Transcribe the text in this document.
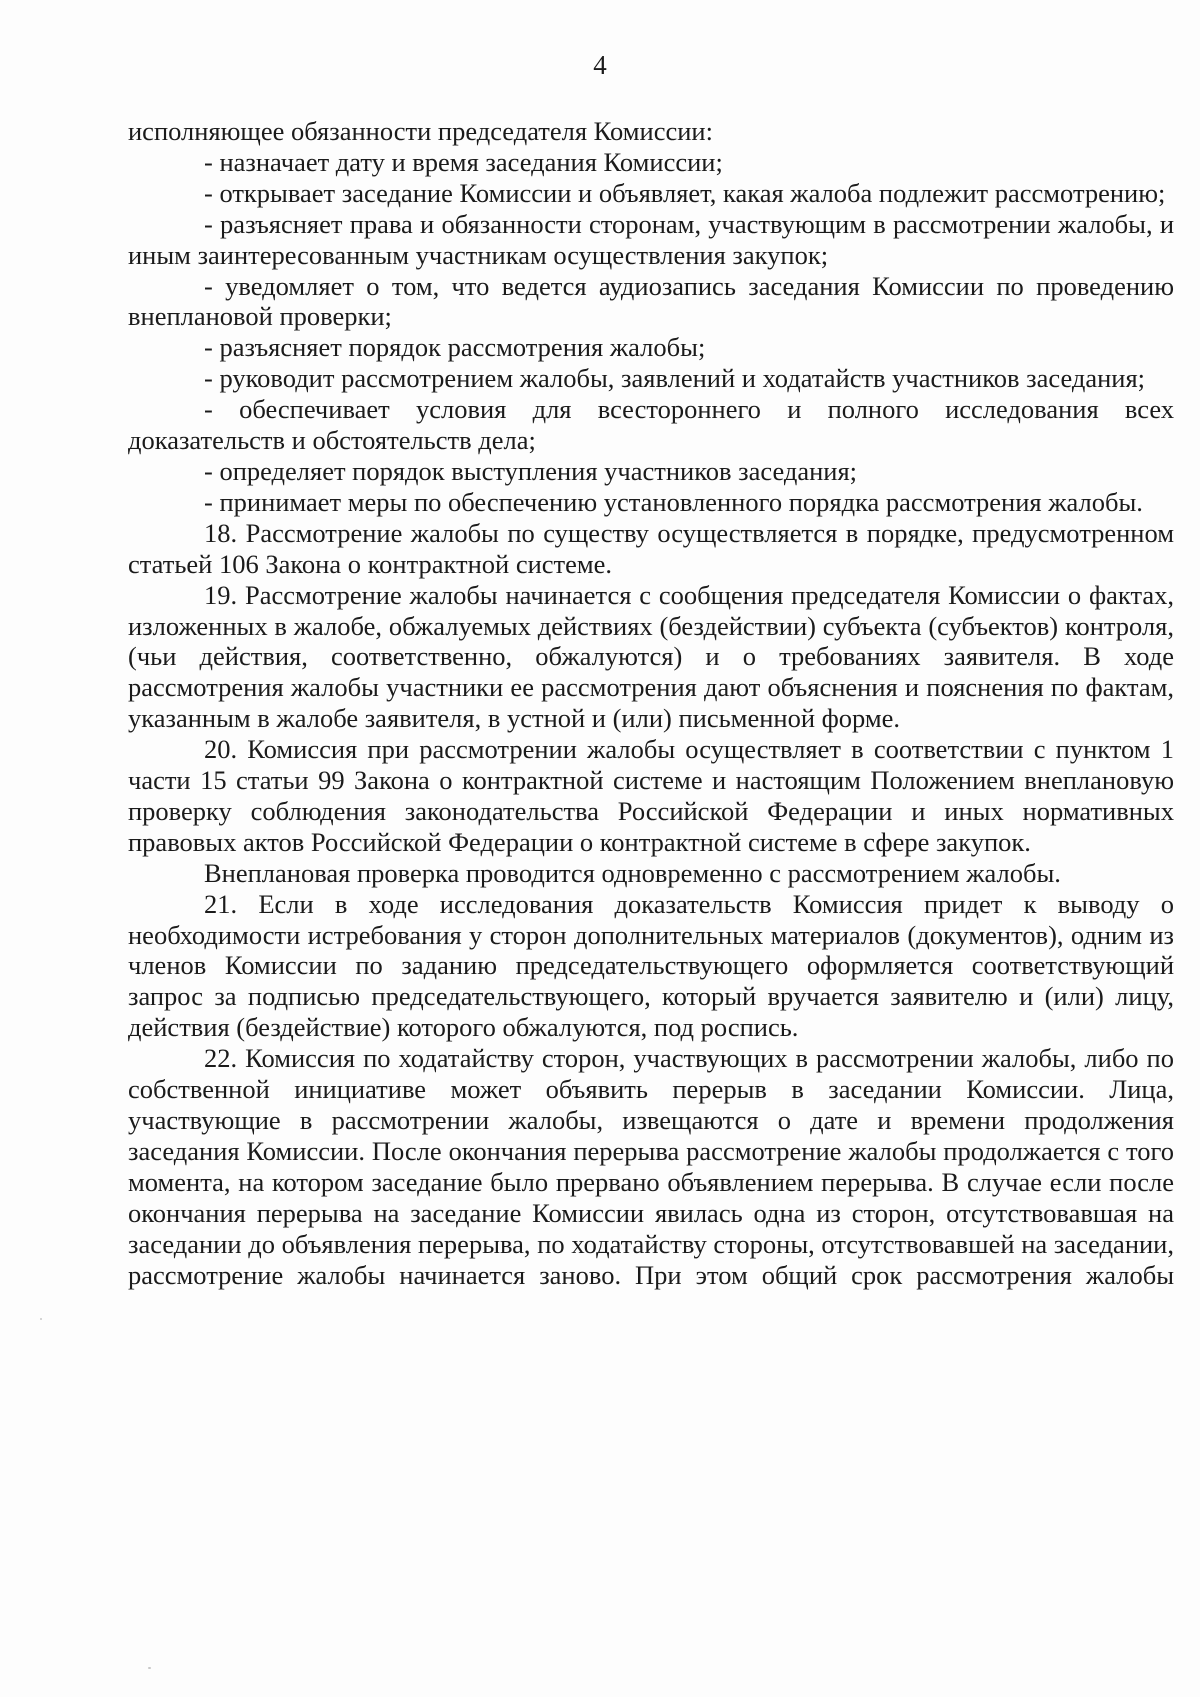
4

исполняющее обязанности председателя Комиссии:

- назначает дату и время заседания Комиссии;

- открывает заседание Комиссии и объявляет, какая жалоба подлежит рассмотрению;

- разъясняет права и обязанности сторонам, участвующим в рассмотрении жалобы, и иным заинтересованным участникам осуществления закупок;

- уведомляет о том, что ведется аудиозапись заседания Комиссии по проведению внеплановой проверки;

- разъясняет порядок рассмотрения жалобы;

- руководит рассмотрением жалобы, заявлений и ходатайств участников заседания;

- обеспечивает условия для всестороннего и полного исследования всех доказательств и обстоятельств дела;

- определяет порядок выступления участников заседания;

- принимает меры по обеспечению установленного порядка рассмотрения жалобы.

18. Рассмотрение жалобы по существу осуществляется в порядке, предусмотренном статьей 106 Закона о контрактной системе.

19. Рассмотрение жалобы начинается с сообщения председателя Комиссии о фактах, изложенных в жалобе, обжалуемых действиях (бездействии) субъекта (субъектов) контроля, (чьи действия, соответственно, обжалуются) и о требованиях заявителя. В ходе рассмотрения жалобы участники ее рассмотрения дают объяснения и пояснения по фактам, указанным в жалобе заявителя, в устной и (или) письменной форме.

20. Комиссия при рассмотрении жалобы осуществляет в соответствии с пунктом 1 части 15 статьи 99 Закона о контрактной системе и настоящим Положением внеплановую проверку соблюдения законодательства Российской Федерации и иных нормативных правовых актов Российской Федерации о контрактной системе в сфере закупок.

Внеплановая проверка проводится одновременно с рассмотрением жалобы.

21. Если в ходе исследования доказательств Комиссия придет к выводу о необходимости истребования у сторон дополнительных материалов (документов), одним из членов Комиссии по заданию председательствующего оформляется соответствующий запрос за подписью председательствующего, который вручается заявителю и (или) лицу, действия (бездействие) которого обжалуются, под роспись.

22. Комиссия по ходатайству сторон, участвующих в рассмотрении жалобы, либо по собственной инициативе может объявить перерыв в заседании Комиссии. Лица, участвующие в рассмотрении жалобы, извещаются о дате и времени продолжения заседания Комиссии. После окончания перерыва рассмотрение жалобы продолжается с того момента, на котором заседание было прервано объявлением перерыва. В случае если после окончания перерыва на заседание Комиссии явилась одна из сторон, отсутствовавшая на заседании до объявления перерыва, по ходатайству стороны, отсутствовавшей на заседании, рассмотрение жалобы начинается заново. При этом общий срок рассмотрения жалобы
